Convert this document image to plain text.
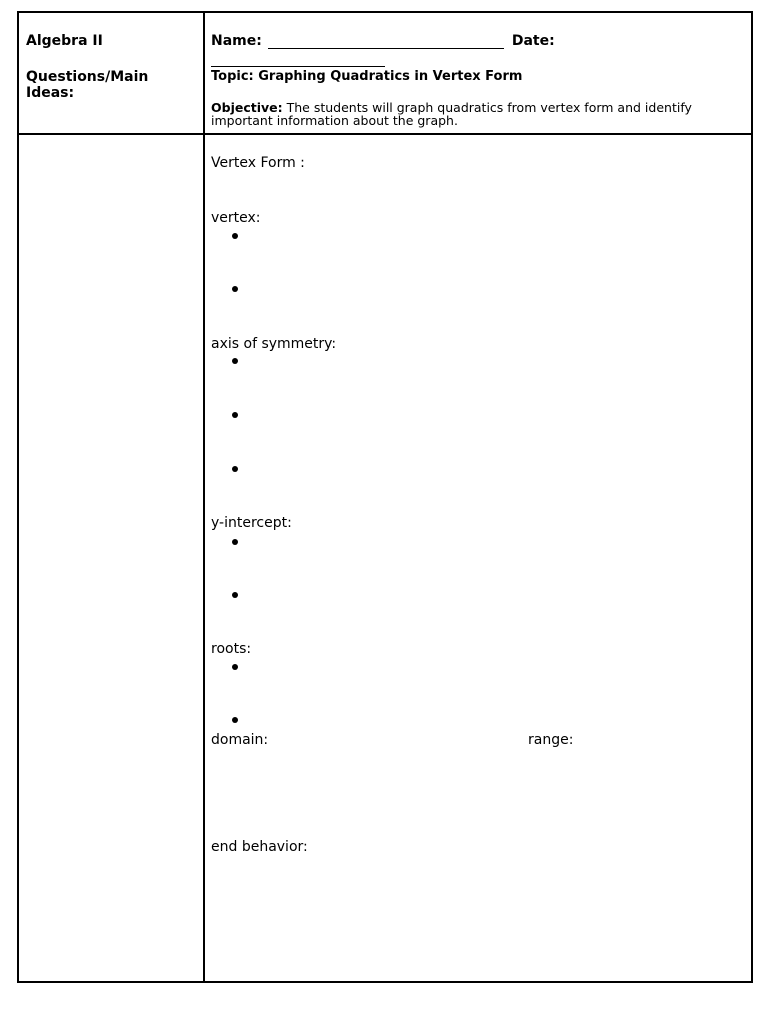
Algebra II
Questions/Main Ideas:
Name:	Date:
Topic: Graphing Quadratics in Vertex Form
Objective: The students will graph quadratics from vertex form and identify important information about the graph.
Vertex Form :
vertex:
axis of symmetry:
y-intercept:
roots:
domain:	range:
end behavior:
